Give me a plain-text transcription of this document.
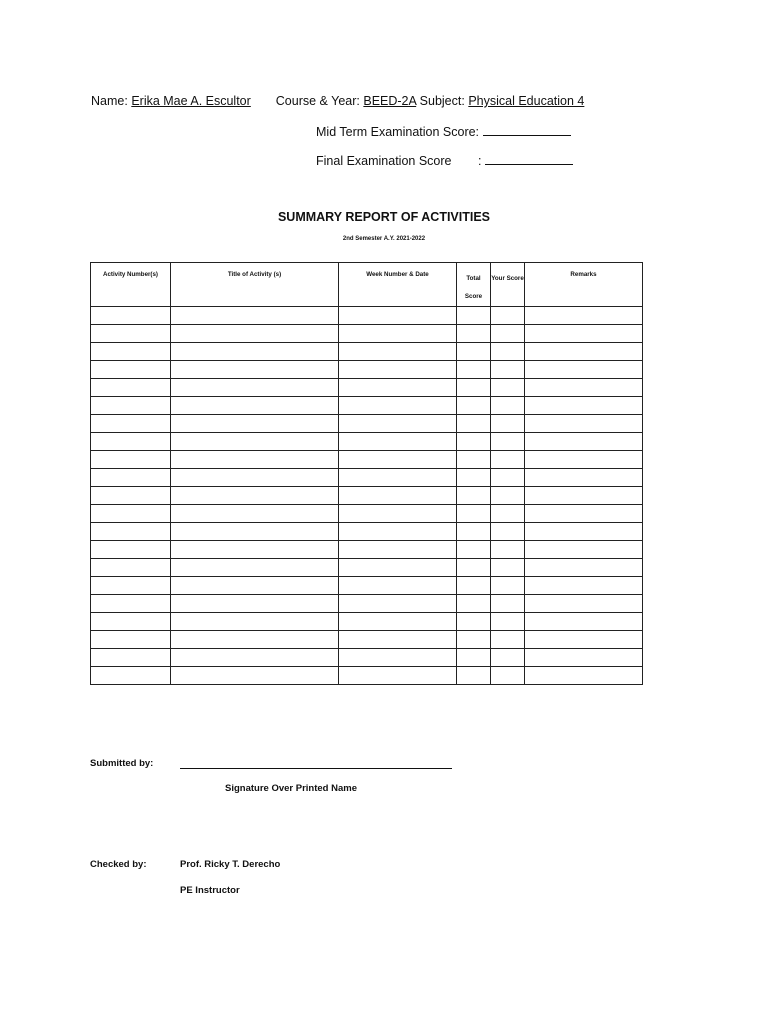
Name: Erika Mae A. Escultor Course & Year: BEED-2A Subject: Physical Education 4
Mid Term Examination Score:
Final Examination Score :
SUMMARY REPORT OF ACTIVITIES
2nd Semester A.Y. 2021-2022
Activity Number(s)	Title of Activity (s)	Week Number & Date	Total Score	Your Score	Remarks

Submitted by:
Signature Over Printed Name
Checked by:	Prof. Ricky T. Derecho
PE Instructor
